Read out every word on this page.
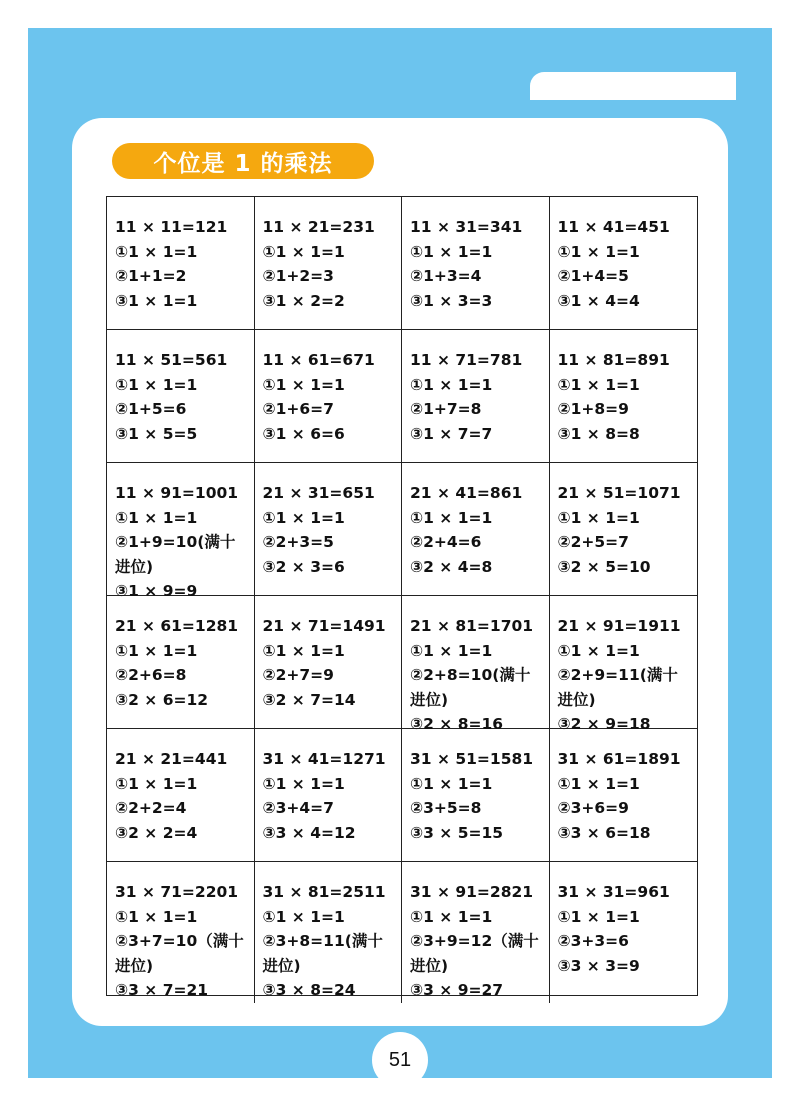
个位是 1 的乘法
11 × 11=121
①1 × 1=1
②1+1=2
③1 × 1=1
11 × 21=231
①1 × 1=1
②1+2=3
③1 × 2=2
11 × 31=341
①1 × 1=1
②1+3=4
③1 × 3=3
11 × 41=451
①1 × 1=1
②1+4=5
③1 × 4=4
11 × 51=561
①1 × 1=1
②1+5=6
③1 × 5=5
11 × 61=671
①1 × 1=1
②1+6=7
③1 × 6=6
11 × 71=781
①1 × 1=1
②1+7=8
③1 × 7=7
11 × 81=891
①1 × 1=1
②1+8=9
③1 × 8=8
11 × 91=1001
①1 × 1=1
②1+9=10(满十进位)
③1 × 9=9
21 × 31=651
①1 × 1=1
②2+3=5
③2 × 3=6
21 × 41=861
①1 × 1=1
②2+4=6
③2 × 4=8
21 × 51=1071
①1 × 1=1
②2+5=7
③2 × 5=10
21 × 61=1281
①1 × 1=1
②2+6=8
③2 × 6=12
21 × 71=1491
①1 × 1=1
②2+7=9
③2 × 7=14
21 × 81=1701
①1 × 1=1
②2+8=10(满十进位)
③2 × 8=16
21 × 91=1911
①1 × 1=1
②2+9=11(满十进位)
③2 × 9=18
21 × 21=441
①1 × 1=1
②2+2=4
③2 × 2=4
31 × 41=1271
①1 × 1=1
②3+4=7
③3 × 4=12
31 × 51=1581
①1 × 1=1
②3+5=8
③3 × 5=15
31 × 61=1891
①1 × 1=1
②3+6=9
③3 × 6=18
31 × 71=2201
①1 × 1=1
②3+7=10（满十进位)
③3 × 7=21
31 × 81=2511
①1 × 1=1
②3+8=11(满十进位)
③3 × 8=24
31 × 91=2821
①1 × 1=1
②3+9=12（满十进位)
③3 × 9=27
31 × 31=961
①1 × 1=1
②3+3=6
③3 × 3=9
51
